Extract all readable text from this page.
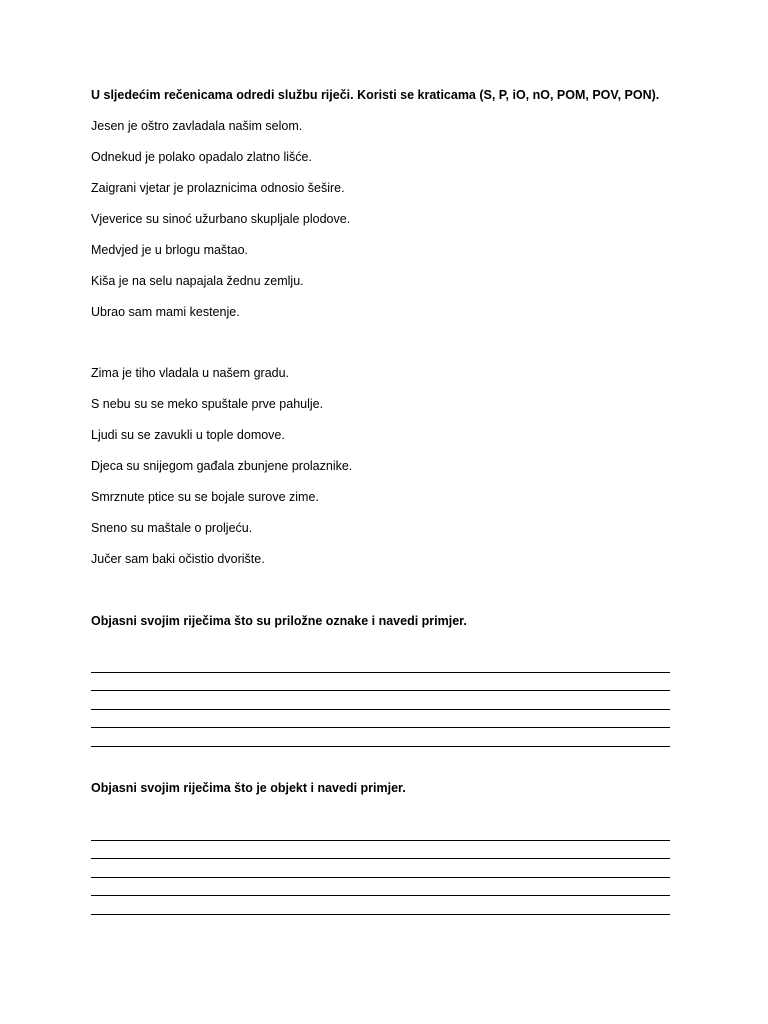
U sljedećim rečenicama odredi službu riječi. Koristi se kraticama (S, P, iO, nO, POM, POV, PON).
Jesen je oštro zavladala našim selom.
Odnekud je polako opadalo zlatno lišće.
Zaigrani vjetar je prolaznicima odnosio šešire.
Vjeverice su sinoć užurbano skupljale plodove.
Medvjed je u brlogu maštao.
Kiša je na selu napajala žednu zemlju.
Ubrao sam mami kestenje.
Zima je tiho vladala u našem gradu.
S nebu su se meko spuštale prve pahulje.
Ljudi su se zavukli u tople domove.
Djeca su snijegom gađala zbunjene prolaznike.
Smrznute ptice su se bojale surove zime.
Sneno su maštale o proljeću.
Jučer sam baki očistio dvorište.
Objasni svojim riječima što su priložne oznake i navedi primjer.
Objasni svojim riječima što je objekt i navedi primjer.
